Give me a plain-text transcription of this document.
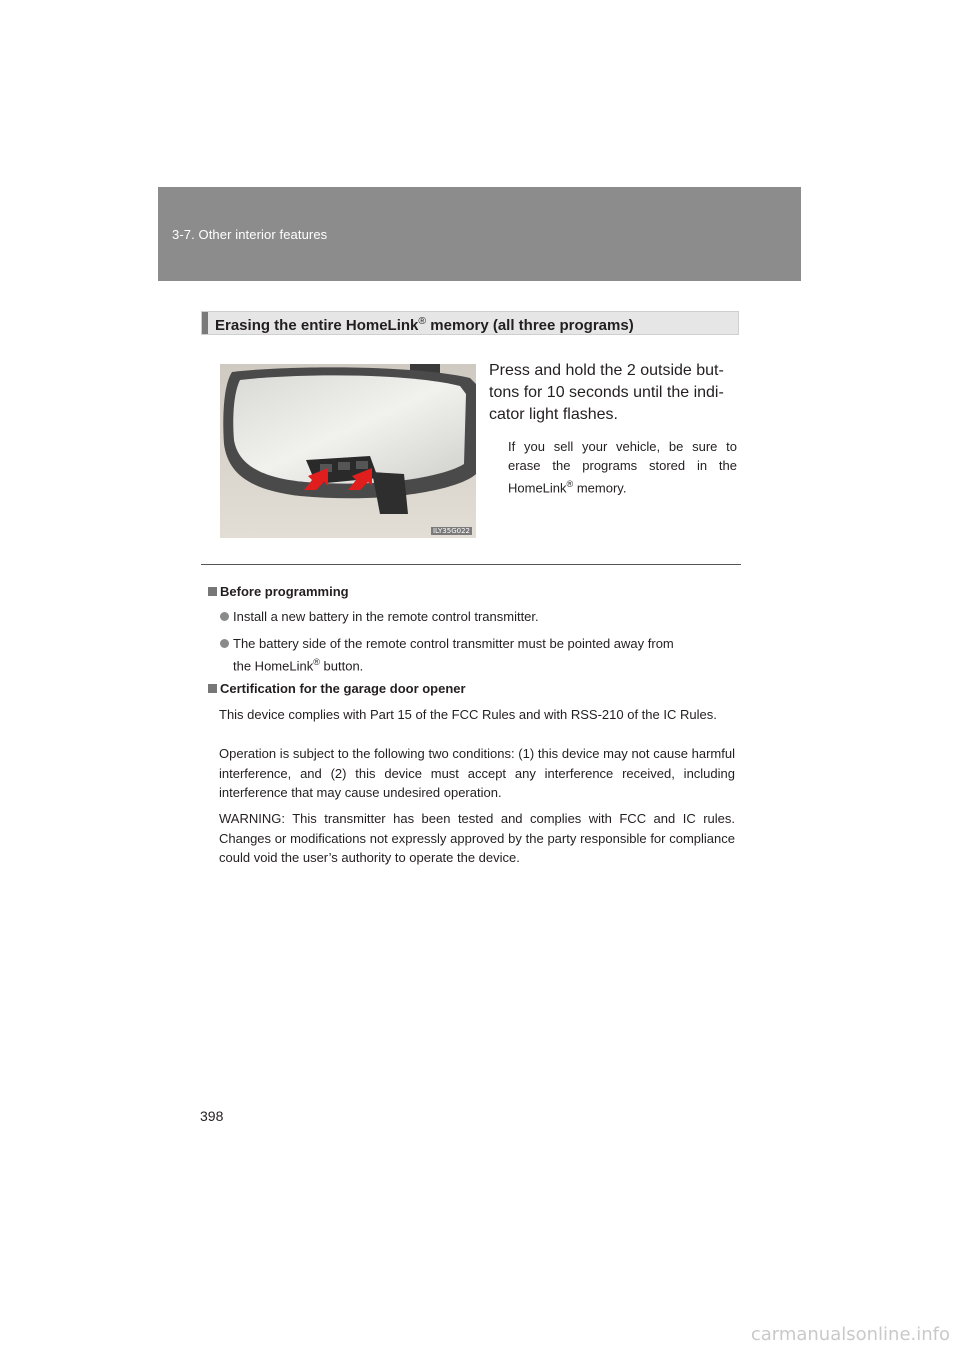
3-7. Other interior features
Erasing the entire HomeLink® memory (all three programs)
ILY35G022
Press and hold the 2 outside but-
tons for 10 seconds until the indi-
cator light flashes.
If you sell your vehicle, be sure to erase the programs stored in the HomeLink® memory.
Before programming
Install a new battery in the remote control transmitter.
The battery side of the remote control transmitter must be pointed away from
the HomeLink® button.
Certification for the garage door opener
This device complies with Part 15 of the FCC Rules and with RSS-210 of the IC Rules.
Operation is subject to the following two conditions: (1) this device may not cause harmful interference, and (2) this device must accept any interference received, including interference that may cause undesired operation.
WARNING: This transmitter has been tested and complies with FCC and IC rules. Changes or modifications not expressly approved by the party responsible for compliance could void the user’s authority to operate the device.
398
carmanualsonline.info
